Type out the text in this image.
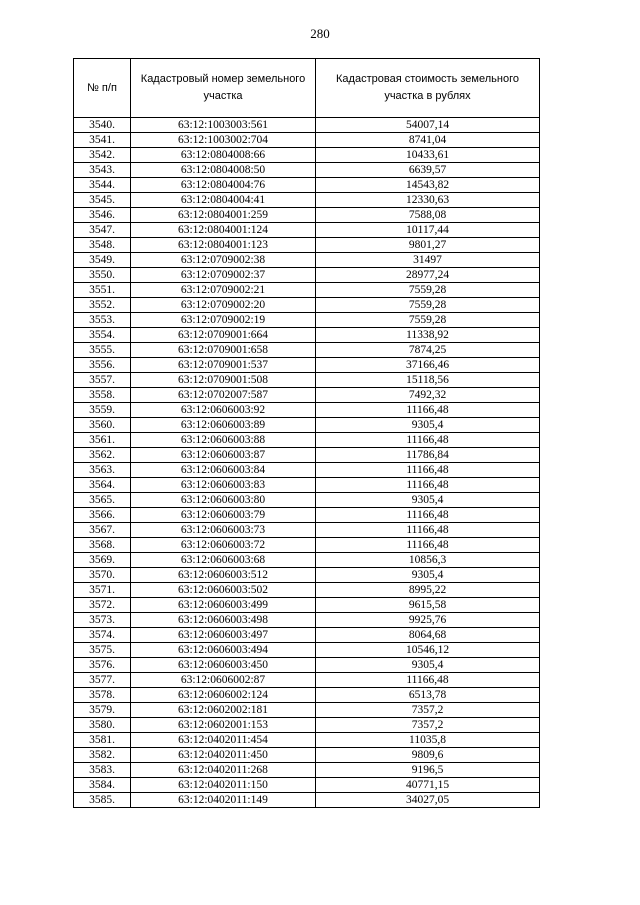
280
№ п/п	Кадастровый номер земельного участка	Кадастровая стоимость земельного участка в рублях
3540.	63:12:1003003:561	54007,14
3541.	63:12:1003002:704	8741,04
3542.	63:12:0804008:66	10433,61
3543.	63:12:0804008:50	6639,57
3544.	63:12:0804004:76	14543,82
3545.	63:12:0804004:41	12330,63
3546.	63:12:0804001:259	7588,08
3547.	63:12:0804001:124	10117,44
3548.	63:12:0804001:123	9801,27
3549.	63:12:0709002:38	31497
3550.	63:12:0709002:37	28977,24
3551.	63:12:0709002:21	7559,28
3552.	63:12:0709002:20	7559,28
3553.	63:12:0709002:19	7559,28
3554.	63:12:0709001:664	11338,92
3555.	63:12:0709001:658	7874,25
3556.	63:12:0709001:537	37166,46
3557.	63:12:0709001:508	15118,56
3558.	63:12:0702007:587	7492,32
3559.	63:12:0606003:92	11166,48
3560.	63:12:0606003:89	9305,4
3561.	63:12:0606003:88	11166,48
3562.	63:12:0606003:87	11786,84
3563.	63:12:0606003:84	11166,48
3564.	63:12:0606003:83	11166,48
3565.	63:12:0606003:80	9305,4
3566.	63:12:0606003:79	11166,48
3567.	63:12:0606003:73	11166,48
3568.	63:12:0606003:72	11166,48
3569.	63:12:0606003:68	10856,3
3570.	63:12:0606003:512	9305,4
3571.	63:12:0606003:502	8995,22
3572.	63:12:0606003:499	9615,58
3573.	63:12:0606003:498	9925,76
3574.	63:12:0606003:497	8064,68
3575.	63:12:0606003:494	10546,12
3576.	63:12:0606003:450	9305,4
3577.	63:12:0606002:87	11166,48
3578.	63:12:0606002:124	6513,78
3579.	63:12:0602002:181	7357,2
3580.	63:12:0602001:153	7357,2
3581.	63:12:0402011:454	11035,8
3582.	63:12:0402011:450	9809,6
3583.	63:12:0402011:268	9196,5
3584.	63:12:0402011:150	40771,15
3585.	63:12:0402011:149	34027,05
